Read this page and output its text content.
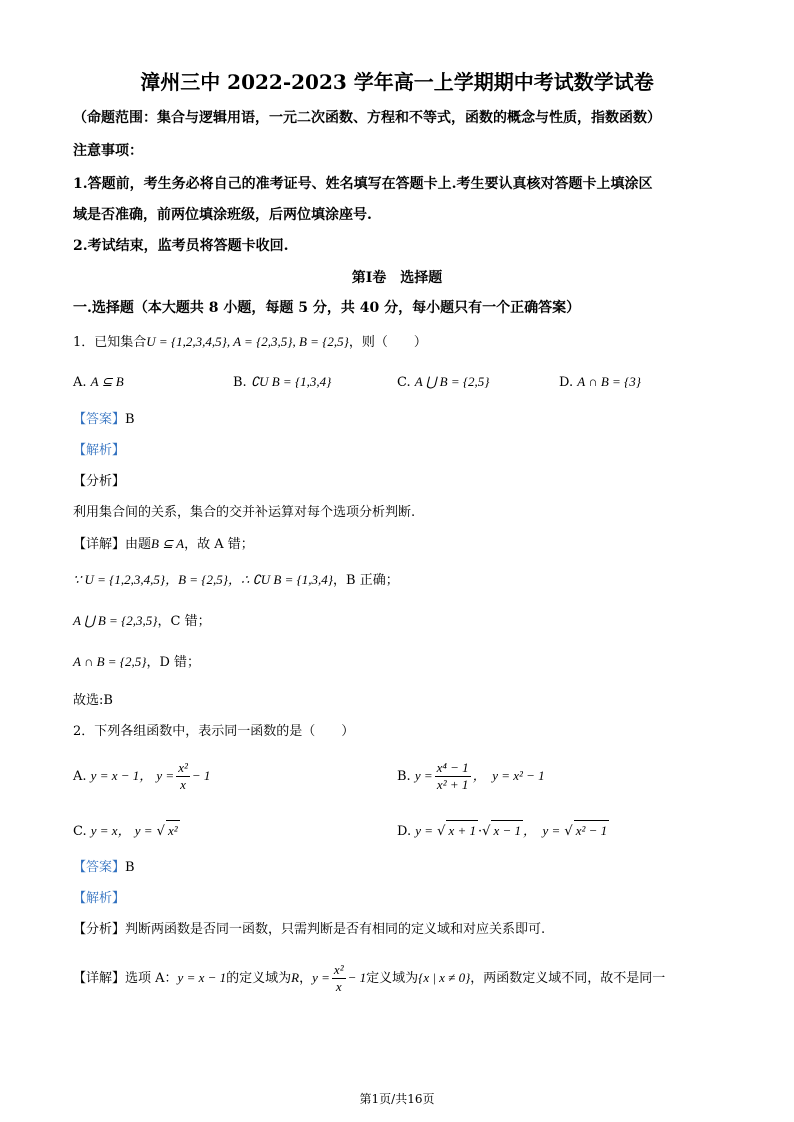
漳州三中 2022-2023 学年高一上学期期中考试数学试卷
（命题范围：集合与逻辑用语，一元二次函数、方程和不等式，函数的概念与性质，指数函数）
注意事项：
1.答题前，考生务必将自己的准考证号、姓名填写在答题卡上.考生要认真核对答题卡上填涂区
域是否准确，前两位填涂班级，后两位填涂座号.
2.考试结束，监考员将答题卡收回.
第Ⅰ卷　选择题
一.选择题（本大题共 8 小题，每题 5 分，共 40 分，每小题只有一个正确答案）
1．已知集合U = {1,2,3,4,5}, A = {2,3,5}, B = {2,5}，则（　　）
A. A ⊆ B	B. ∁U B = {1,3,4}	C. A ⋃ B = {2,5}	D. A ∩ B = {3}
【答案】B
【解析】
【分析】
利用集合间的关系，集合的交并补运算对每个选项分析判断.
【详解】由题B ⊆ A，故 A 错；
∵ U = {1,2,3,4,5}，B = {2,5}，∴ ∁U B = {1,3,4}，B 正确；
A ⋃ B = {2,3,5}，C 错；
A ∩ B = {2,5}，D 错；
故选:B
2．下列各组函数中，表示同一函数的是（　　）
A. y = x − 1， $y = \frac{\text{x²}}{x} - 1$	B. $y = \frac{\text{x⁴ − 1}}{\text{x² + 1}}$ ，　y = x² − 1
C. y = x， y = √ x²	D. y = √ x + 1 ·√ x − 1 ，　y = √ x² − 1
【答案】B
【解析】
【分析】判断两函数是否同一函数，只需判断是否有相同的定义域和对应关系即可.
【详解】选项 A：y = x − 1的定义域为R，$y = \frac{\text{x²}}{x} - 1$定义域为{x | x ≠ 0}，两函数定义域不同，故不是同一
第1页/共16页
